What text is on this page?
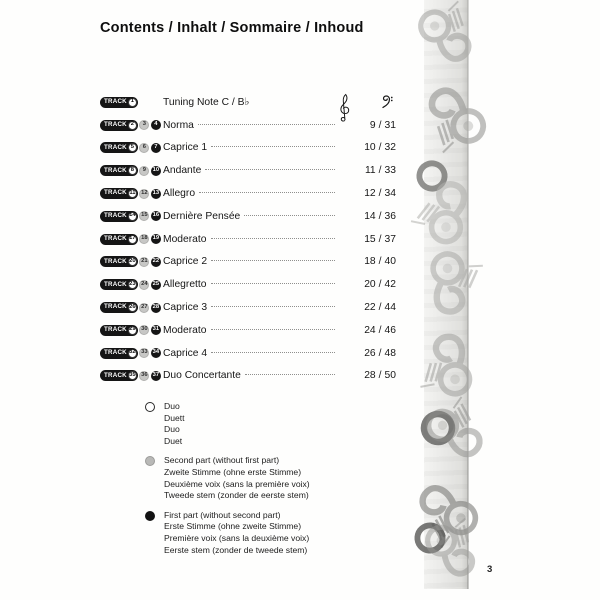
Contents / Inhalt / Sommaire / Inhoud
TRACK 1	Tuning Note C / B♭
TRACK 2	3	4 Norma	9 / 31
TRACK 5	6	7 Caprice 1	10 / 32
TRACK 8	9	10 Andante	11 / 33
TRACK 11 12 13 Allegro	12 / 34
TRACK 14 15 16 Dernière Pensée	14 / 36
TRACK 17 18 19 Moderato	15 / 37
TRACK 20 21 22 Caprice 2	18 / 40
TRACK 23 24 25 Allegretto	20 / 42
TRACK 26 27 28 Caprice 3	22 / 44
TRACK 29 30 31 Moderato	24 / 46
TRACK 32 33 34 Caprice 4	26 / 48
TRACK 35 36 37 Duo Concertante	28 / 50
Duo
Duett
Duo
Duet
Second part (without first part)
Zweite Stimme (ohne erste Stimme)
Deuxième voix (sans la première voix)
Tweede stem (zonder de eerste stem)
First part (without second part)
Erste Stimme (ohne zweite Stimme)
Première voix (sans la deuxième voix)
Eerste stem (zonder de tweede stem)
3
